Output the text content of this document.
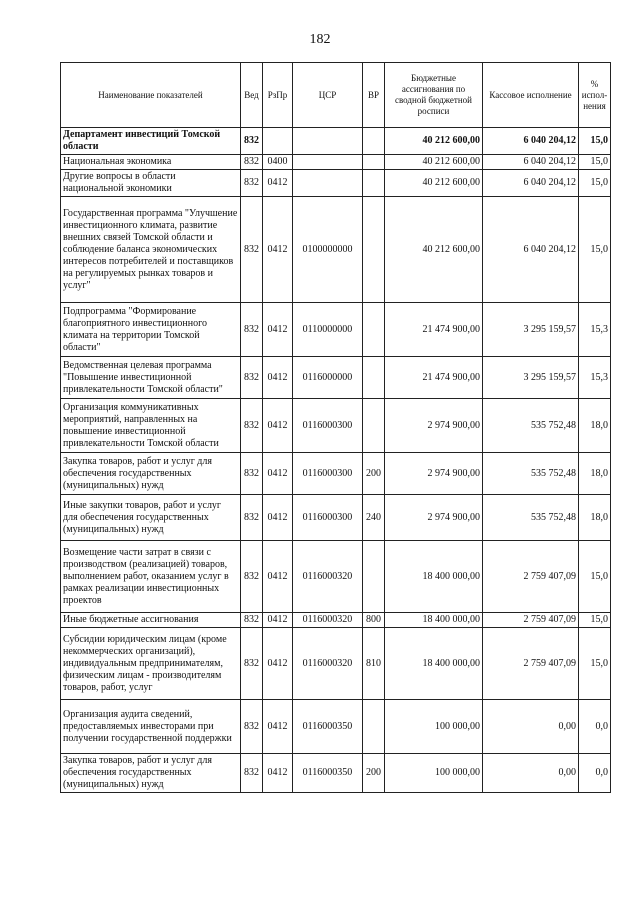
182
Наименование показателей	Вед	РзПр	ЦСР	ВР	Бюджетные ассигнования по сводной бюджетной росписи	Кассовое исполнение	% испол-нения
Департамент инвестиций Томской области	832				40 212 600,00	6 040 204,12	15,0
Национальная экономика	832	0400			40 212 600,00	6 040 204,12	15,0
Другие вопросы в области национальной экономики	832	0412			40 212 600,00	6 040 204,12	15,0
Государственная программа "Улучшение инвестиционного климата, развитие внешних связей Томской области и соблюдение баланса экономических интересов потребителей и поставщиков на регулируемых рынках товаров и услуг"	832	0412	0100000000		40 212 600,00	6 040 204,12	15,0
Подпрограмма "Формирование благоприятного инвестиционного климата на территории Томской области"	832	0412	0110000000		21 474 900,00	3 295 159,57	15,3
Ведомственная целевая программа "Повышение инвестиционной привлекательности Томской области"	832	0412	0116000000		21 474 900,00	3 295 159,57	15,3
Организация коммуникативных мероприятий, направленных на повышение инвестиционной привлекательности Томской области	832	0412	0116000300		2 974 900,00	535 752,48	18,0
Закупка товаров, работ и услуг для обеспечения государственных (муниципальных) нужд	832	0412	0116000300	200	2 974 900,00	535 752,48	18,0
Иные закупки товаров, работ и услуг для обеспечения государственных (муниципальных) нужд	832	0412	0116000300	240	2 974 900,00	535 752,48	18,0
Возмещение части затрат в связи с производством (реализацией) товаров, выполнением работ, оказанием услуг в рамках реализации инвестиционных проектов	832	0412	0116000320		18 400 000,00	2 759 407,09	15,0
Иные бюджетные ассигнования	832	0412	0116000320	800	18 400 000,00	2 759 407,09	15,0
Субсидии юридическим лицам (кроме некоммерческих организаций), индивидуальным предпринимателям, физическим лицам - производителям товаров, работ, услуг	832	0412	0116000320	810	18 400 000,00	2 759 407,09	15,0
Организация аудита сведений, предоставляемых инвесторами при получении государственной поддержки	832	0412	0116000350		100 000,00	0,00	0,0
Закупка товаров, работ и услуг для обеспечения государственных (муниципальных) нужд	832	0412	0116000350	200	100 000,00	0,00	0,0
